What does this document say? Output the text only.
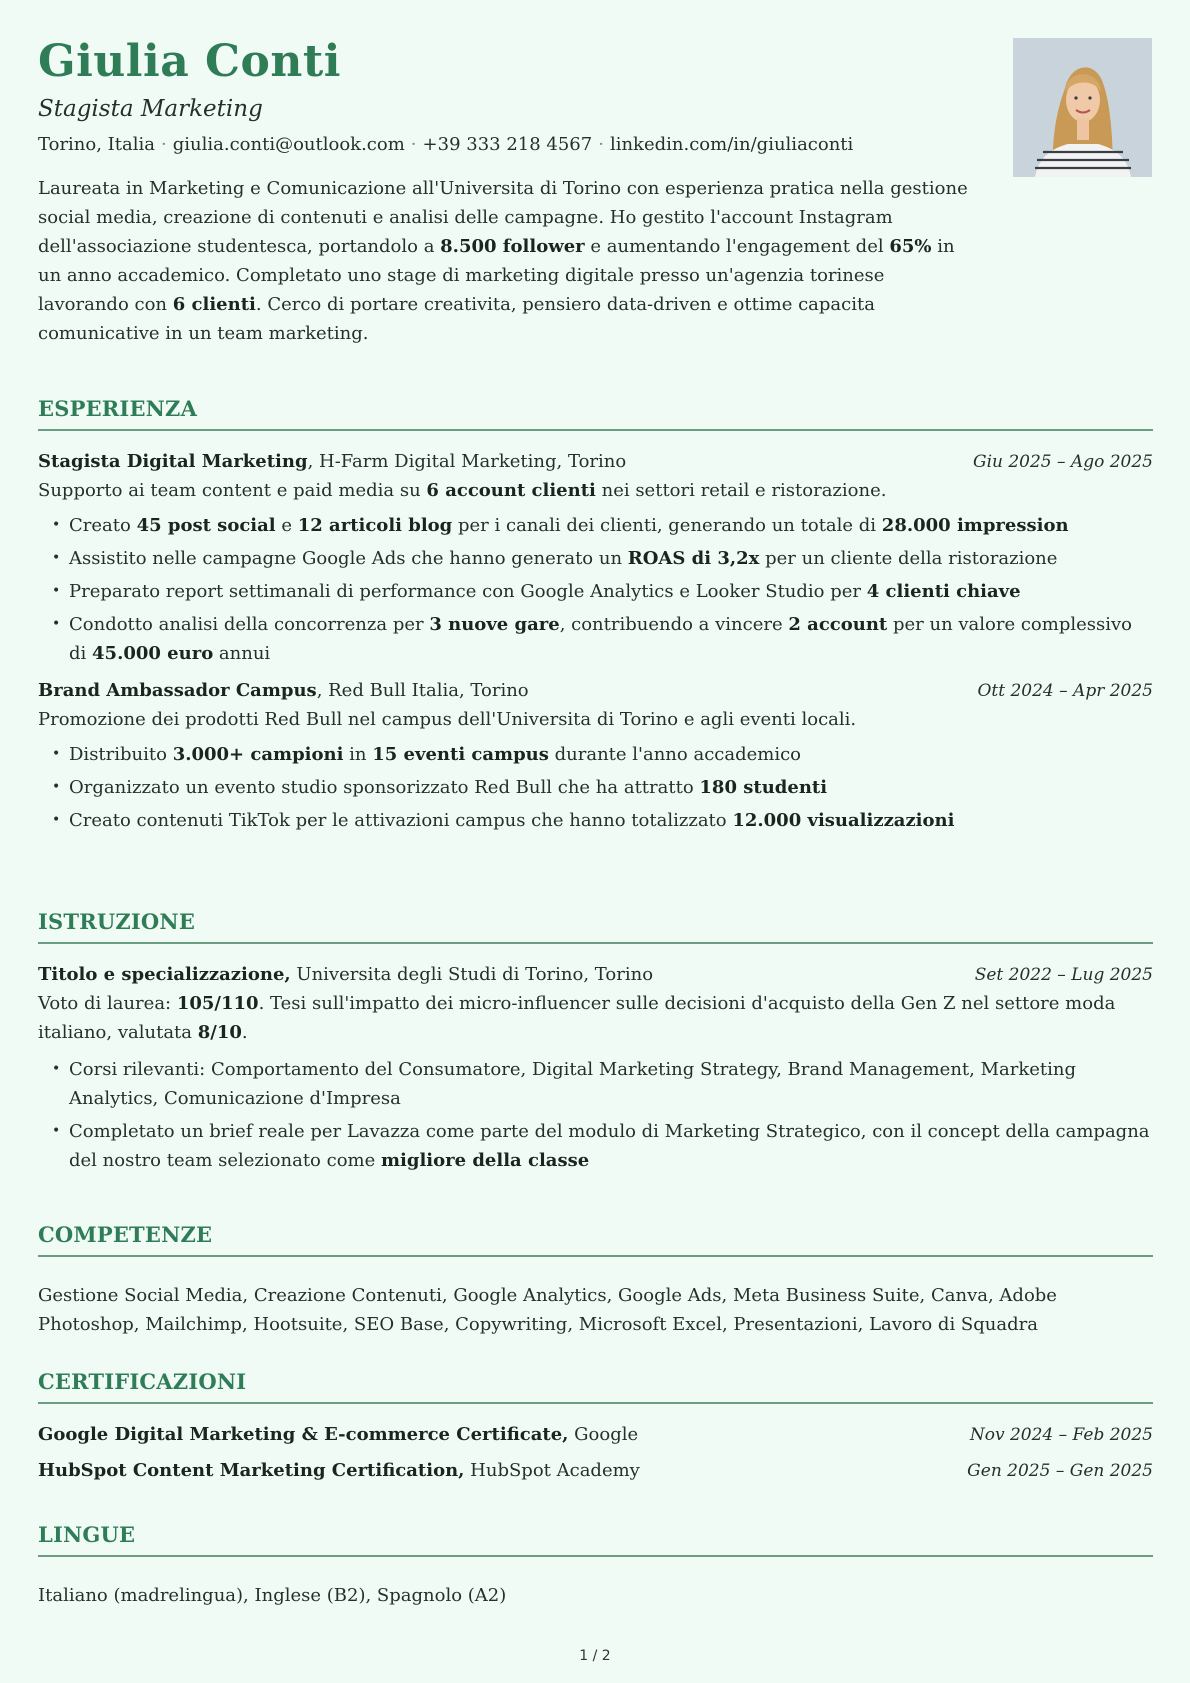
Giulia Conti
Stagista Marketing
Torino, Italia · giulia.conti@outlook.com · +39 333 218 4567 · linkedin.com/in/giuliaconti
Laureata in Marketing e Comunicazione all'Universita di Torino con esperienza pratica nella gestione social media, creazione di contenuti e analisi delle campagne. Ho gestito l'account Instagram dell'associazione studentesca, portandolo a 8.500 follower e aumentando l'engagement del 65% in un anno accademico. Completato uno stage di marketing digitale presso un'agenzia torinese lavorando con 6 clienti. Cerco di portare creativita, pensiero data-driven e ottime capacita comunicative in un team marketing.
ESPERIENZA
Stagista Digital Marketing, H-Farm Digital Marketing, Torino	Giu 2025 – Ago 2025
Supporto ai team content e paid media su 6 account clienti nei settori retail e ristorazione.
• Creato 45 post social e 12 articoli blog per i canali dei clienti, generando un totale di 28.000 impression
• Assistito nelle campagne Google Ads che hanno generato un ROAS di 3,2x per un cliente della ristorazione
• Preparato report settimanali di performance con Google Analytics e Looker Studio per 4 clienti chiave
• Condotto analisi della concorrenza per 3 nuove gare, contribuendo a vincere 2 account per un valore complessivo di 45.000 euro annui
Brand Ambassador Campus, Red Bull Italia, Torino	Ott 2024 – Apr 2025
Promozione dei prodotti Red Bull nel campus dell'Universita di Torino e agli eventi locali.
• Distribuito 3.000+ campioni in 15 eventi campus durante l'anno accademico
• Organizzato un evento studio sponsorizzato Red Bull che ha attratto 180 studenti
• Creato contenuti TikTok per le attivazioni campus che hanno totalizzato 12.000 visualizzazioni
ISTRUZIONE
Titolo e specializzazione, Universita degli Studi di Torino, Torino	Set 2022 – Lug 2025
Voto di laurea: 105/110. Tesi sull'impatto dei micro-influencer sulle decisioni d'acquisto della Gen Z nel settore moda italiano, valutata 8/10.
• Corsi rilevanti: Comportamento del Consumatore, Digital Marketing Strategy, Brand Management, Marketing Analytics, Comunicazione d'Impresa
• Completato un brief reale per Lavazza come parte del modulo di Marketing Strategico, con il concept della campagna del nostro team selezionato come migliore della classe
COMPETENZE
Gestione Social Media, Creazione Contenuti, Google Analytics, Google Ads, Meta Business Suite, Canva, Adobe Photoshop, Mailchimp, Hootsuite, SEO Base, Copywriting, Microsoft Excel, Presentazioni, Lavoro di Squadra
CERTIFICAZIONI
Google Digital Marketing & E-commerce Certificate, Google	Nov 2024 – Feb 2025
HubSpot Content Marketing Certification, HubSpot Academy	Gen 2025 – Gen 2025
LINGUE
Italiano (madrelingua), Inglese (B2), Spagnolo (A2)
1 / 2
